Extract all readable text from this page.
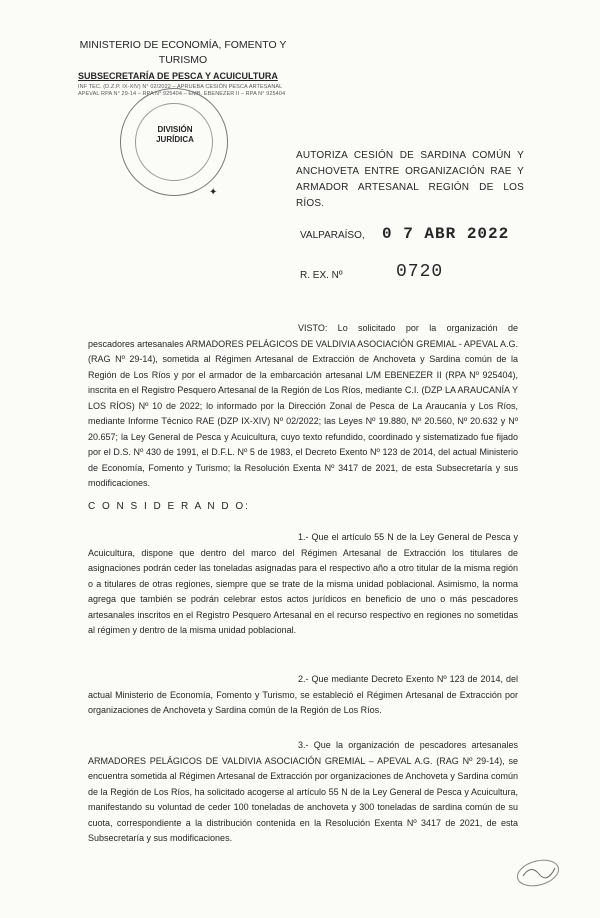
MINISTERIO DE ECONOMÍA, FOMENTO Y
TURISMO
SUBSECRETARÍA DE PESCA Y ACUICULTURA
INF TEC. (D.Z.P. IX-XIV) N° 02/2022 – APRUEBA CESIÓN PESCA ARTESANAL
APEVAL RPA N° 29-14 – RPA N° 925404 – EMB. EBENEZER II – RPA N° 925404
DIVISIÓN
JURÍDICA
✦
AUTORIZA CESIÓN DE SARDINA COMÚN Y ANCHOVETA ENTRE ORGANIZACIÓN RAE Y ARMADOR ARTESANAL REGIÓN DE LOS RÍOS.
VALPARAÍSO, 0 7 ABR 2022
R. EX. Nº	0720
VISTO: Lo solicitado por la organización de pescadores artesanales ARMADORES PELÁGICOS DE VALDIVIA ASOCIACIÓN GREMIAL - APEVAL A.G. (RAG Nº 29-14), sometida al Régimen Artesanal de Extracción de Anchoveta y Sardina común de la Región de Los Ríos y por el armador de la embarcación artesanal L/M EBENEZER II (RPA Nº 925404), inscrita en el Registro Pesquero Artesanal de la Región de Los Ríos, mediante C.I. (DZP LA ARAUCANÍA Y LOS RÍOS) Nº 10 de 2022; lo informado por la Dirección Zonal de Pesca de La Araucanía y Los Ríos, mediante Informe Técnico RAE (DZP IX-XIV) Nº 02/2022; las Leyes Nº 19.880, Nº 20.560, Nº 20.632 y Nº 20.657; la Ley General de Pesca y Acuicultura, cuyo texto refundido, coordinado y sistematizado fue fijado por el D.S. Nº 430 de 1991, el D.F.L. Nº 5 de 1983, el Decreto Exento Nº 123 de 2014, del actual Ministerio de Economía, Fomento y Turismo; la Resolución Exenta Nº 3417 de 2021, de esta Subsecretaría y sus modificaciones.
C O N S I D E R A N D O:
1.- Que el artículo 55 N de la Ley General de Pesca y Acuicultura, dispone que dentro del marco del Régimen Artesanal de Extracción los titulares de asignaciones podrán ceder las toneladas asignadas para el respectivo año a otro titular de la misma región o a titulares de otras regiones, siempre que se trate de la misma unidad poblacional. Asimismo, la norma agrega que también se podrán celebrar estos actos jurídicos en beneficio de uno o más pescadores artesanales inscritos en el Registro Pesquero Artesanal en el recurso respectivo en regiones no sometidas al régimen y dentro de la misma unidad poblacional.
2.- Que mediante Decreto Exento Nº 123 de 2014, del actual Ministerio de Economía, Fomento y Turismo, se estableció el Régimen Artesanal de Extracción por organizaciones de Anchoveta y Sardina común de la Región de Los Ríos.
3.- Que la organización de pescadores artesanales ARMADORES PELÁGICOS DE VALDIVIA ASOCIACIÓN GREMIAL – APEVAL A.G. (RAG Nº 29-14), se encuentra sometida al Régimen Artesanal de Extracción por organizaciones de Anchoveta y Sardina común de la Región de Los Ríos, ha solicitado acogerse al artículo 55 N de la Ley General de Pesca y Acuicultura, manifestando su voluntad de ceder 100 toneladas de anchoveta y 300 toneladas de sardina común de su cuota, correspondiente a la distribución contenida en la Resolución Exenta Nº 3417 de 2021, de esta Subsecretaría y sus modificaciones.
